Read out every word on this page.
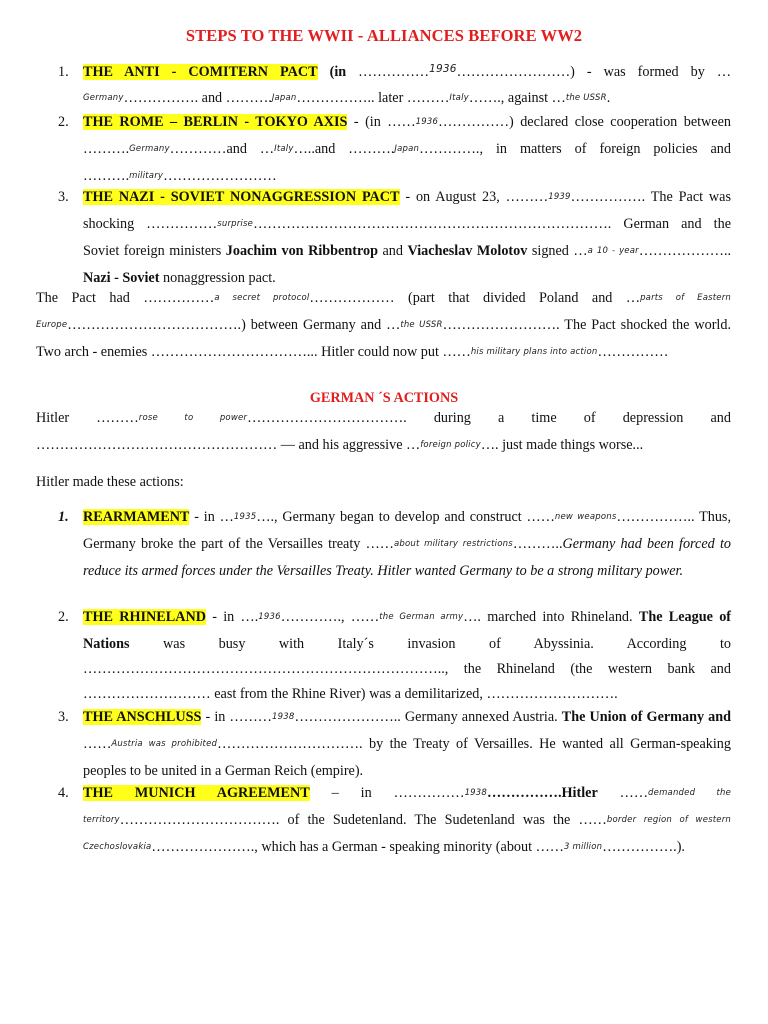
STEPS TO THE WWII - ALLIANCES BEFORE WW2
1. THE ANTI - COMITERN PACT (in ……………$^{1936}$……………………) - was formed by …Germany……………. and ……….Japan…………….. later ………Italy……., against …the USSR.
2. THE ROME – BERLIN - TOKYO AXIS - (in ……1936……………) declared close cooperation between ……….Germany…………and …Italy…..and ……….Japan…………., in matters of foreign policies and ……….military……………………
3. THE NAZI - SOVIET NONAGGRESSION PACT - on August 23, ………1939……………. The Pact was shocking ……………surprise…………………………………………………………………. German and the Soviet foreign ministers Joachim von Ribbentrop and Viacheslav Molotov signed …a 10 - year……………….. Nazi - Soviet nonaggression pact.
The Pact had ……………a secret protocol……………… (part that divided Poland and …parts of Eastern Europe……………………………….) between Germany and …the USSR……………………. The Pact shocked the world. Two arch - enemies ……………………………... Hitler could now put ……his military plans into action……………
GERMAN ´S ACTIONS
Hitler ………rose to power……………………………. during a time of depression and …………………………………………… — and his aggressive …foreign policy…. just made things worse...
Hitler made these actions:
1. REARMAMENT - in …1935…., Germany began to develop and construct ……new weapons…………….. Thus, Germany broke the part of the Versailles treaty ……about military restrictions………..Germany had been forced to reduce its armed forces under the Versailles Treaty. Hitler wanted Germany to be a strong military power.
2. THE RHINELAND - in ….1936…………., ……the German army…. marched into Rhineland. The League of Nations was busy with Italy´s invasion of Abyssinia. According to ………………………………………………………………….., the Rhineland (the western bank and ……………………… east from the Rhine River) was a demilitarized, ……………………….
3. THE ANSCHLUSS - in ………1938………………….. Germany annexed Austria. The Union of Germany and ……Austria was prohibited…………………………. by the Treaty of Versailles. He wanted all German-speaking peoples to be united in a German Reich (empire).
4. THE MUNICH AGREEMENT – in ……………1938…………….Hitler ……demanded the territory……………………………. of the Sudetenland. The Sudetenland was the ……border region of western Czechoslovakia…………………., which has a German - speaking minority (about ……3 million…………….).
